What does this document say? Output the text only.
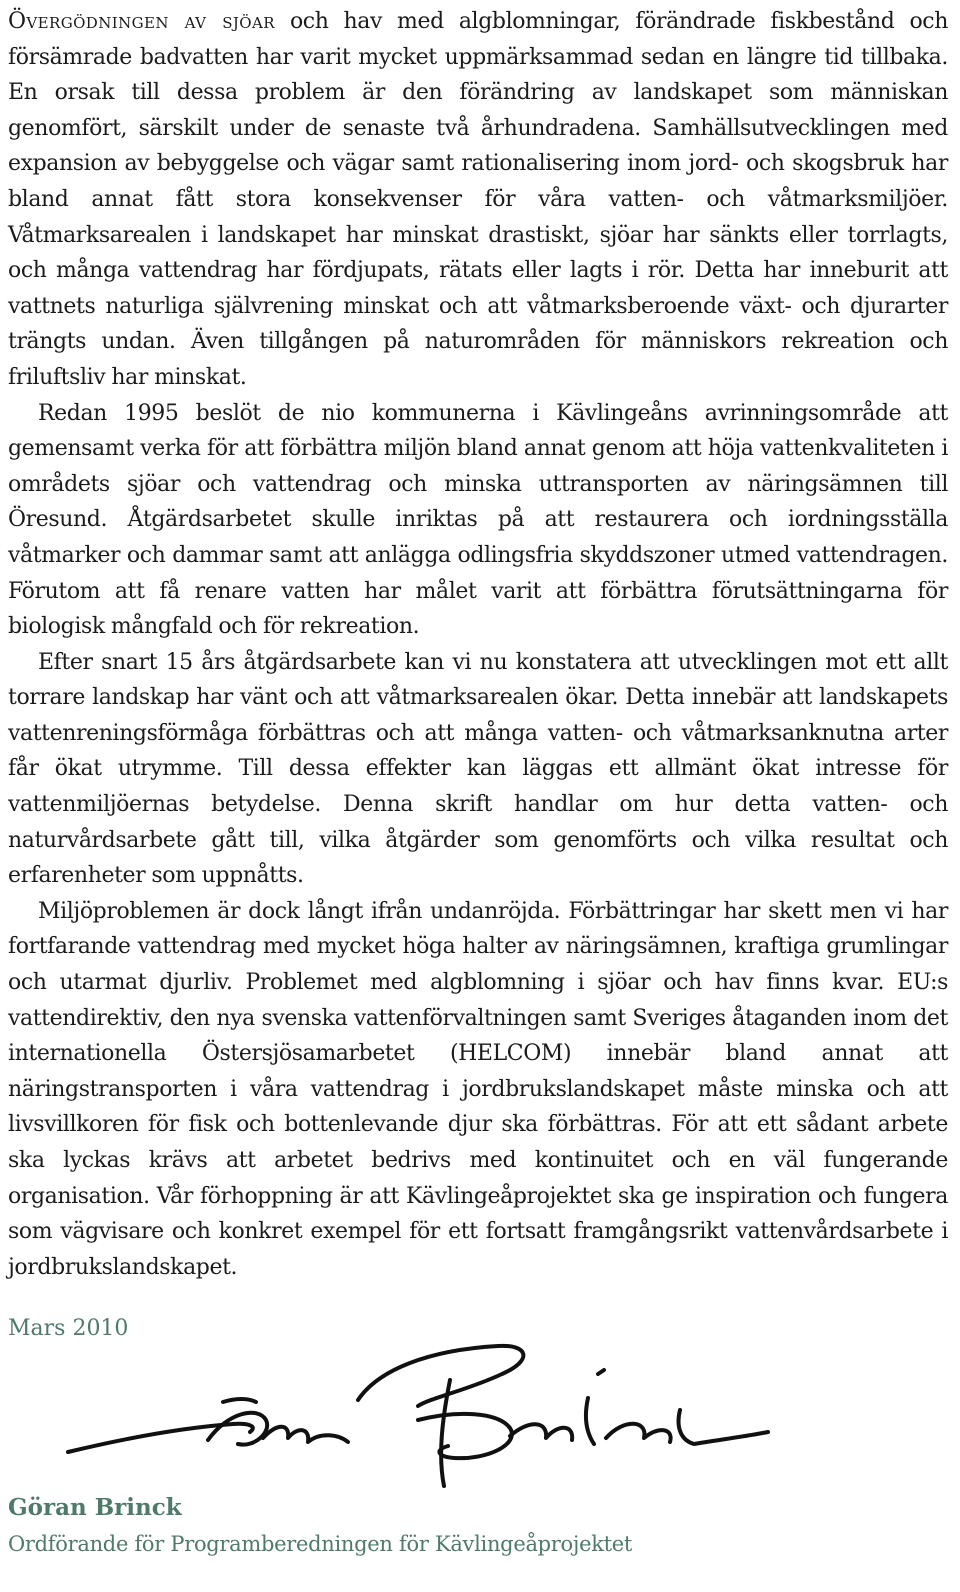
Övergödningen av sjöar och hav med algblomningar, förändrade fiskbestånd och försämrade badvatten har varit mycket uppmärksammad sedan en längre tid tillbaka. En orsak till dessa problem är den förändring av landskapet som människan genomfört, särskilt under de senaste två århundradena. Samhällsutvecklingen med expansion av bebyggelse och vägar samt rationalisering inom jord- och skogsbruk har bland annat fått stora konsekvenser för våra vatten- och våtmarksmiljöer. Våtmarksarealen i landskapet har minskat drastiskt, sjöar har sänkts eller torrlagts, och många vattendrag har fördjupats, rätats eller lagts i rör. Detta har inneburit att vattnets naturliga självrening minskat och att våtmarksberoende växt- och djurarter trängts undan. Även tillgången på naturområden för människors rekreation och friluftsliv har minskat.

Redan 1995 beslöt de nio kommunerna i Kävlingeåns avrinningsområde att gemensamt verka för att förbättra miljön bland annat genom att höja vattenkvaliteten i områdets sjöar och vattendrag och minska uttransporten av näringsämnen till Öresund. Åtgärdsarbetet skulle inriktas på att restaurera och iordningsställa våtmarker och dammar samt att anlägga odlingsfria skyddszoner utmed vattendragen. Förutom att få renare vatten har målet varit att förbättra förutsättningarna för biologisk mångfald och för rekreation.

Efter snart 15 års åtgärdsarbete kan vi nu konstatera att utvecklingen mot ett allt torrare landskap har vänt och att våtmarksarealen ökar. Detta innebär att landskapets vattenreningsförmåga förbättras och att många vatten- och våtmarksanknutna arter får ökat utrymme. Till dessa effekter kan läggas ett allmänt ökat intresse för vattenmiljöernas betydelse. Denna skrift handlar om hur detta vatten- och naturvårdsarbete gått till, vilka åtgärder som genomförts och vilka resultat och erfarenheter som uppnåtts.

Miljöproblemen är dock långt ifrån undanröjda. Förbättringar har skett men vi har fortfarande vattendrag med mycket höga halter av näringsämnen, kraftiga grumlingar och utarmat djurliv. Problemet med algblomning i sjöar och hav finns kvar. EU:s vattendirektiv, den nya svenska vattenförvaltningen samt Sveriges åtaganden inom det internationella Östersjösamarbetet (HELCOM) innebär bland annat att näringstransporten i våra vattendrag i jordbrukslandskapet måste minska och att livsvillkoren för fisk och bottenlevande djur ska förbättras. För att ett sådant arbete ska lyckas krävs att arbetet bedrivs med kontinuitet och en väl fungerande organisation. Vår förhoppning är att Kävlingeåprojektet ska ge inspiration och fungera som vägvisare och konkret exempel för ett fortsatt framgångsrikt vattenvårdsarbete i jordbrukslandskapet.

Mars 2010
Göran Brinck
Ordförande för Programberedningen för Kävlingeåprojektet
